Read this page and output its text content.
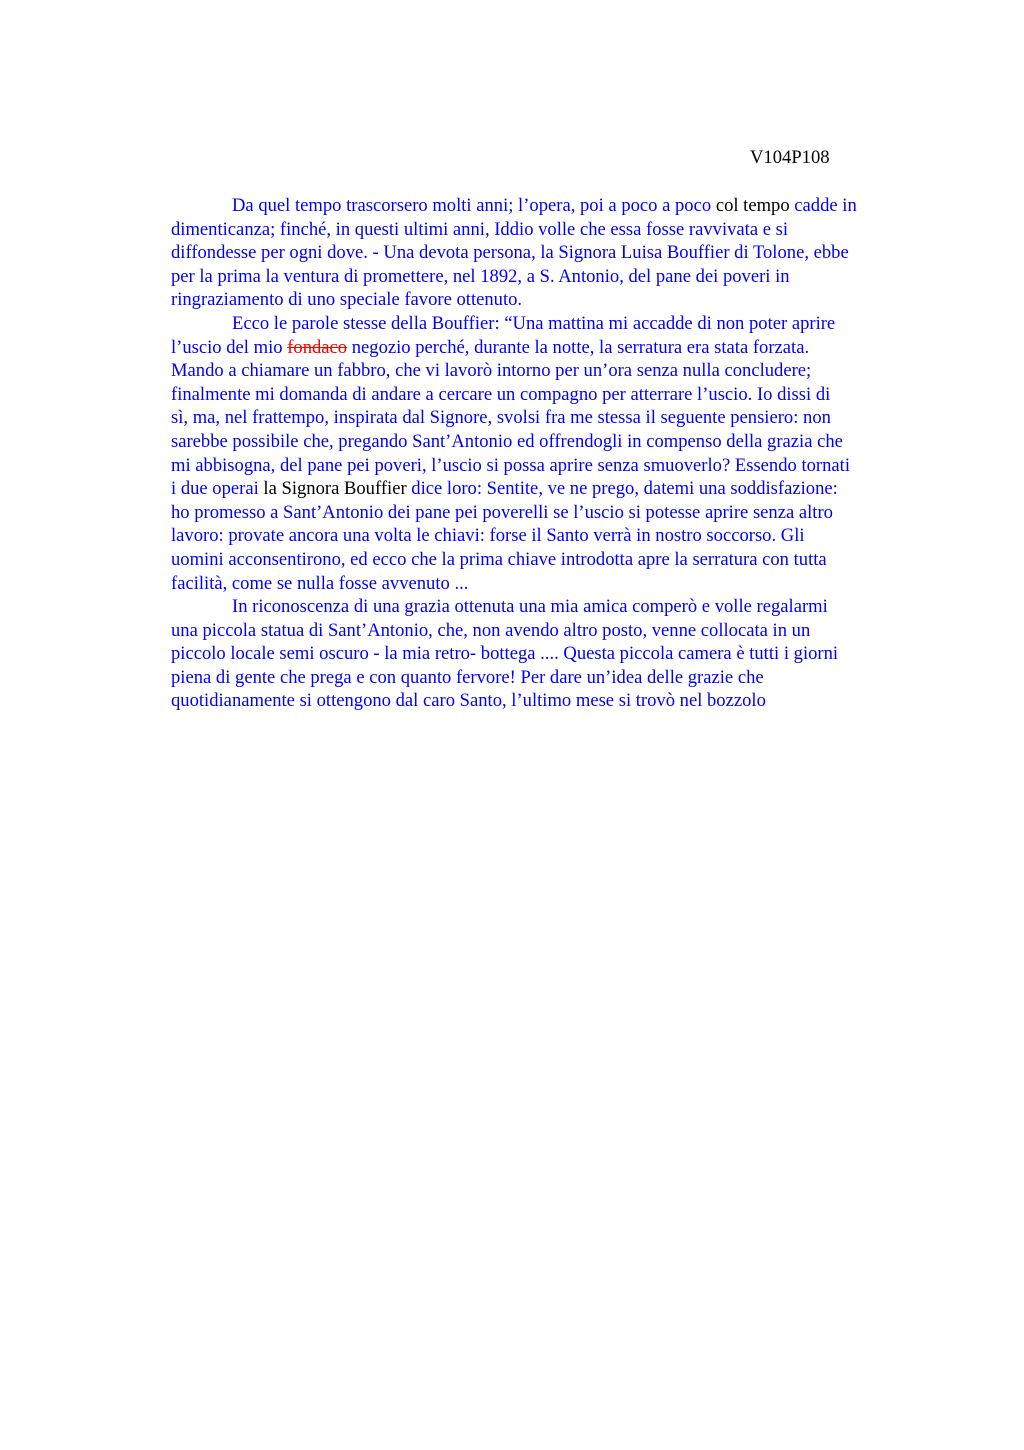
V104P108
Da quel tempo trascorsero molti anni; l’opera, poi a poco a poco col tempo cadde in
dimenticanza; finché, in questi ultimi anni, Iddio volle che essa fosse ravvivata e si
diffondesse per ogni dove. - Una devota persona, la Signora Luisa Bouffier di Tolone, ebbe
per la prima la ventura di promettere, nel 1892, a S. Antonio, del pane dei poveri in
ringraziamento di uno speciale favore ottenuto.
Ecco le parole stesse della Bouffier: “Una mattina mi accadde di non poter aprire
l’uscio del mio fondaco negozio perché, durante la notte, la serratura era stata forzata.
Mando a chiamare un fabbro, che vi lavorò intorno per un’ora senza nulla concludere;
finalmente mi domanda di andare a cercare un compagno per atterrare l’uscio. Io dissi di
sì, ma, nel frattempo, inspirata dal Signore, svolsi fra me stessa il seguente pensiero: non
sarebbe possibile che, pregando Sant’Antonio ed offrendogli in compenso della grazia che
mi abbisogna, del pane pei poveri, l’uscio si possa aprire senza smuoverlo? Essendo tornati
i due operai la Signora Bouffier dice loro: Sentite, ve ne prego, datemi una soddisfazione:
ho promesso a Sant’Antonio dei pane pei poverelli se l’uscio si potesse aprire senza altro
lavoro: provate ancora una volta le chiavi: forse il Santo verrà in nostro soccorso. Gli
uomini acconsentirono, ed ecco che la prima chiave introdotta apre la serratura con tutta
facilità, come se nulla fosse avvenuto ...
In riconoscenza di una grazia ottenuta una mia amica comperò e volle regalarmi
una piccola statua di Sant’Antonio, che, non avendo altro posto, venne collocata in un
piccolo locale semi oscuro - la mia retro- bottega .... Questa piccola camera è tutti i giorni
piena di gente che prega e con quanto fervore! Per dare un’idea delle grazie che
quotidianamente si ottengono dal caro Santo, l’ultimo mese si trovò nel bozzolo
